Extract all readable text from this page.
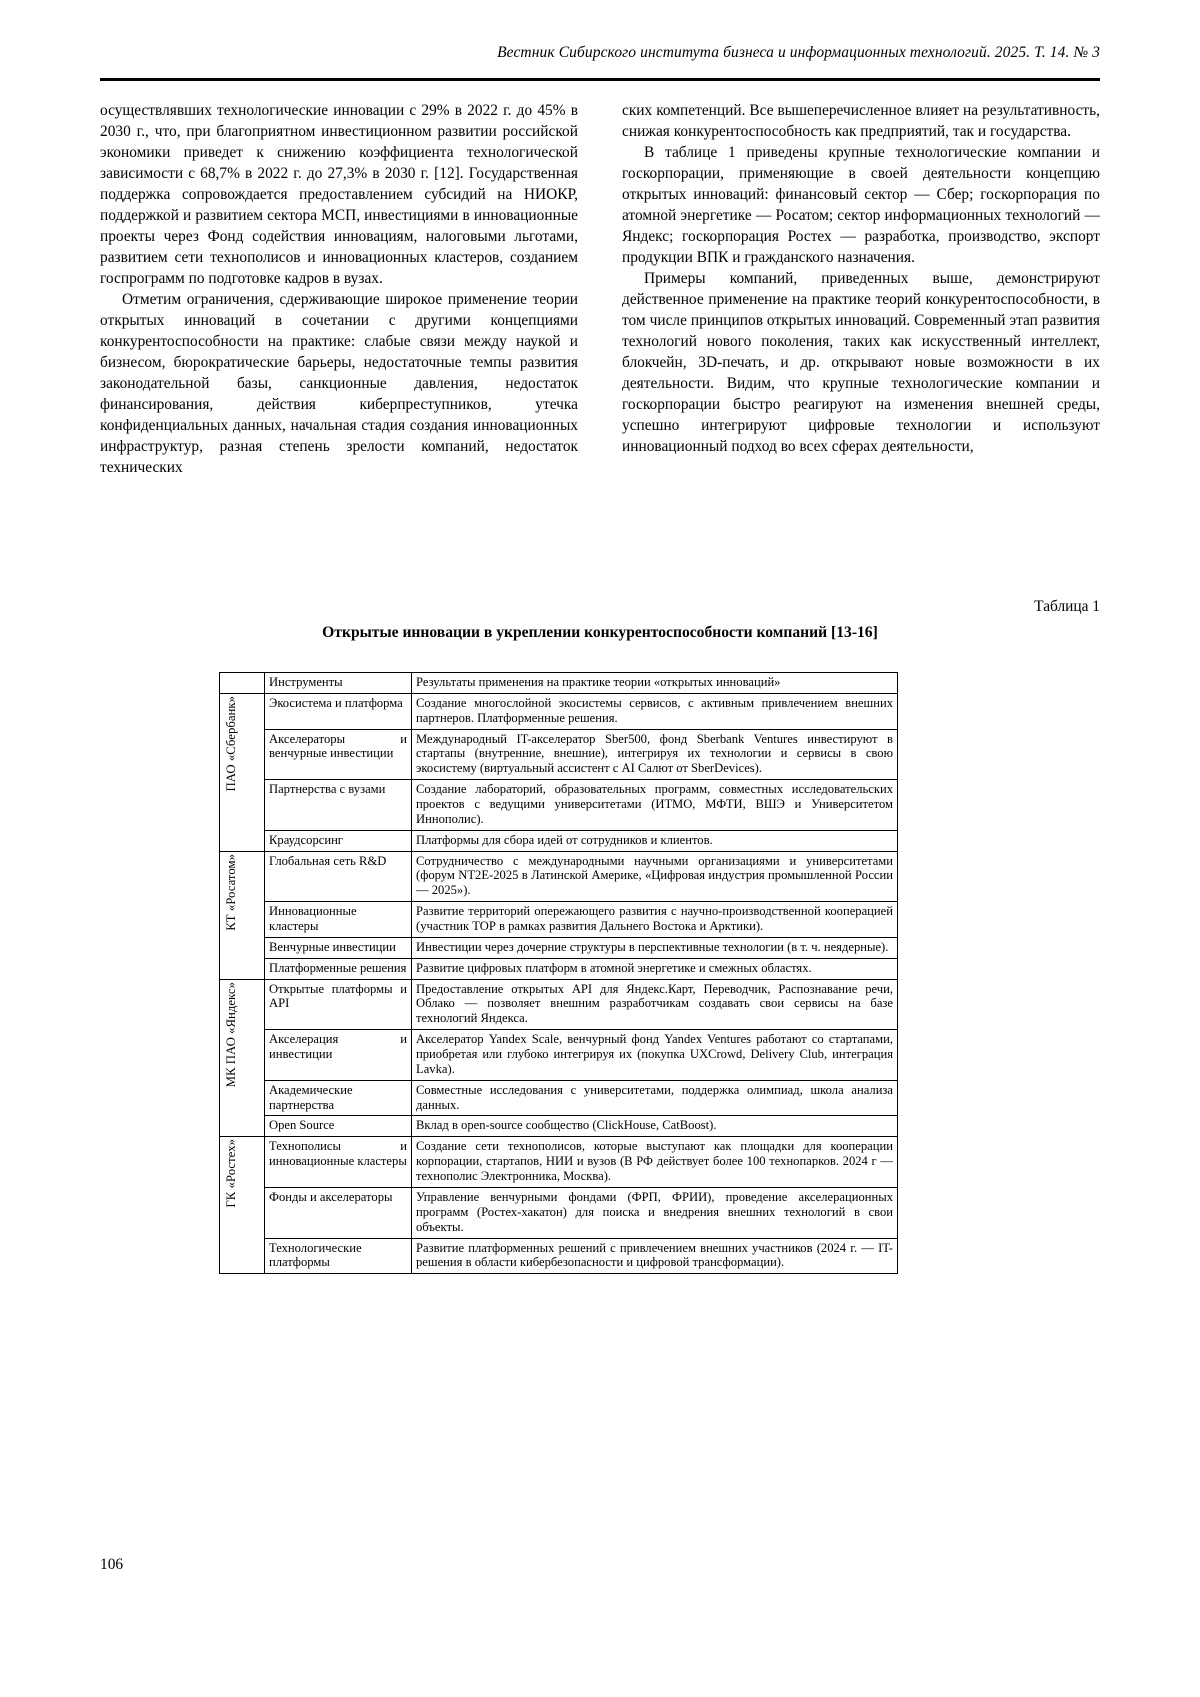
Вестник Сибирского института бизнеса и информационных технологий. 2025. Т. 14. № 3

осуществлявших технологические инновации с 29% в 2022 г. до 45% в 2030 г., что, при благоприятном инвестиционном развитии российской экономики приведет к снижению коэффициента технологической зависимости с 68,7% в 2022 г. до 27,3% в 2030 г. [12]. Государственная поддержка сопровождается предоставлением субсидий на НИОКР, поддержкой и развитием сектора МСП, инвестициями в инновационные проекты через Фонд содействия инновациям, налоговыми льготами, развитием сети технополисов и инновационных кластеров, созданием госпрограмм по подготовке кадров в вузах.

Отметим ограничения, сдерживающие широкое применение теории открытых инноваций в сочетании с другими концепциями конкурентоспособности на практике: слабые связи между наукой и бизнесом, бюрократические барьеры, недостаточные темпы развития законодательной базы, санкционные давления, недостаток финансирования, действия киберпреступников, утечка конфиденциальных данных, начальная стадия создания инновационных инфраструктур, разная степень зрелости компаний, недостаток технических

ских компетенций. Все вышеперечисленное влияет на результативность, снижая конкурентоспособность как предприятий, так и государства.

В таблице 1 приведены крупные технологические компании и госкорпорации, применяющие в своей деятельности концепцию открытых инноваций: финансовый сектор — Сбер; госкорпорация по атомной энергетике — Росатом; сектор информационных технологий — Яндекс; госкорпорация Ростех — разработка, производство, экспорт продукции ВПК и гражданского назначения.

Примеры компаний, приведенных выше, демонстрируют действенное применение на практике теорий конкурентоспособности, в том числе принципов открытых инноваций. Современный этап развития технологий нового поколения, таких как искусственный интеллект, блокчейн, 3D-печать, и др. открывают новые возможности в их деятельности. Видим, что крупные технологические компании и госкорпорации быстро реагируют на изменения внешней среды, успешно интегрируют цифровые технологии и используют инновационный подход во всех сферах деятельности,

Таблица 1
Открытые инновации в укреплении конкурентоспособности компаний [13-16]
	Инструменты	Результаты применения на практике теории «открытых инноваций»
ПАО «Сбербанк»	Экосистема и платформа	Создание многослойной экосистемы сервисов, с активным привлечением внешних партнеров. Платформенные решения.
	Акселераторы и венчурные инвестиции	Международный IT-акселератор Sber500, фонд Sberbank Ventures инвестируют в стартапы (внутренние, внешние), интегрируя их технологии и сервисы в свою экосистему (виртуальный ассистент с AI Салют от SberDevices).
	Партнерства с вузами	Создание лабораторий, образовательных программ, совместных исследовательских проектов с ведущими университетами (ИТМО, МФТИ, ВШЭ и Университетом Иннополис).
	Краудсорсинг	Платформы для сбора идей от сотрудников и клиентов.
КТ «Росатом»	Глобальная сеть R&D	Сотрудничество с международными научными организациями и университетами (форум NT2E-2025 в Латинской Америке, «Цифровая индустрия промышленной России — 2025»).
	Инновационные кластеры	Развитие территорий опережающего развития с научно-производственной кооперацией (участник ТОР в рамках развития Дальнего Востока и Арктики).
	Венчурные инвестиции	Инвестиции через дочерние структуры в перспективные технологии (в т. ч. неядерные).
	Платформенные решения	Развитие цифровых платформ в атомной энергетике и смежных областях.
МК ПАО «Яндекс»	Открытые платформы и API	Предоставление открытых API для Яндекс.Карт, Переводчик, Распознавание речи, Облако — позволяет внешним разработчикам создавать свои сервисы на базе технологий Яндекса.
	Акселерация и инвестиции	Акселератор Yandex Scale, венчурный фонд Yandex Ventures работают со стартапами, приобретая или глубоко интегрируя их (покупка UXCrowd, Delivery Club, интеграция Lavka).
	Академические партнерства	Совместные исследования с университетами, поддержка олимпиад, школа анализа данных.
	Open Source	Вклад в open-source сообщество (ClickHouse, CatBoost).
ГК «Ростех»	Технополисы и инновационные кластеры	Создание сети технополисов, которые выступают как площадки для кооперации корпорации, стартапов, НИИ и вузов (В РФ действует более 100 технопарков. 2024 г — технополис Электронника, Москва).
	Фонды и акселераторы	Управление венчурными фондами (ФРП, ФРИИ), проведение акселерационных программ (Ростех-хакатон) для поиска и внедрения внешних технологий в свои объекты.
	Технологические платформы	Развитие платформенных решений с привлечением внешних участников (2024 г. — IT-решения в области кибербезопасности и цифровой трансформации).
106
